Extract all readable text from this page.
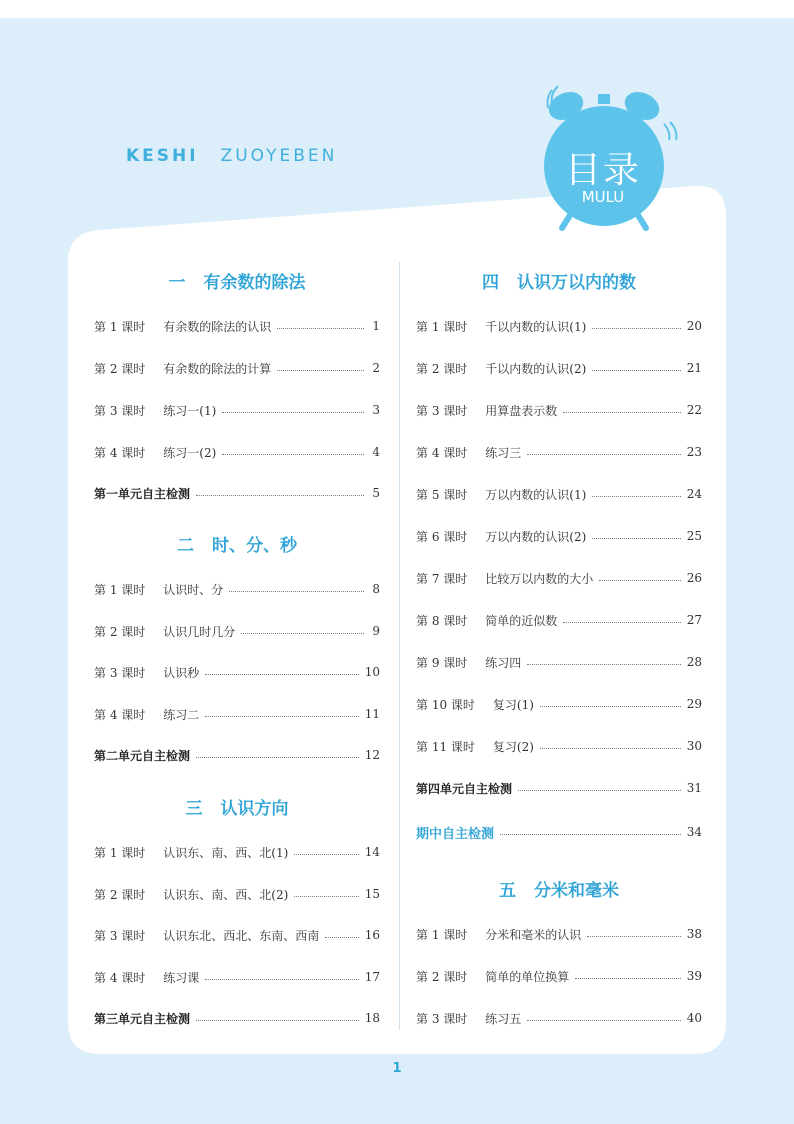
KESHI ZUOYEBEN	目录
MULU
一 有余数的除法
第 1 课时 有余数的除法的认识	1
第 2 课时 有余数的除法的计算	2
第 3 课时 练习一(1)	3
第 4 课时 练习一(2)	4
第一单元自主检测	5
二 时、分、秒
第 1 课时 认识时、分	8
第 2 课时 认识几时几分	9
第 3 课时 认识秒	10
第 4 课时 练习二	11
第二单元自主检测	12
三 认识方向
第 1 课时 认识东、南、西、北(1)	14
第 2 课时 认识东、南、西、北(2)	15
第 3 课时 认识东北、西北、东南、西南	16
第 4 课时 练习课	17
第三单元自主检测	18
四 认识万以内的数
第 1 课时 千以内数的认识(1)	20
第 2 课时 千以内数的认识(2)	21
第 3 课时 用算盘表示数	22
第 4 课时 练习三	23
第 5 课时 万以内数的认识(1)	24
第 6 课时 万以内数的认识(2)	25
第 7 课时 比较万以内数的大小	26
第 8 课时 简单的近似数	27
第 9 课时 练习四	28
第 10 课时 复习(1)	29
第 11 课时 复习(2)	30
第四单元自主检测	31
期中自主检测	34
五 分米和毫米
第 1 课时 分米和毫米的认识	38
第 2 课时 简单的单位换算	39
第 3 课时 练习五	40
1
